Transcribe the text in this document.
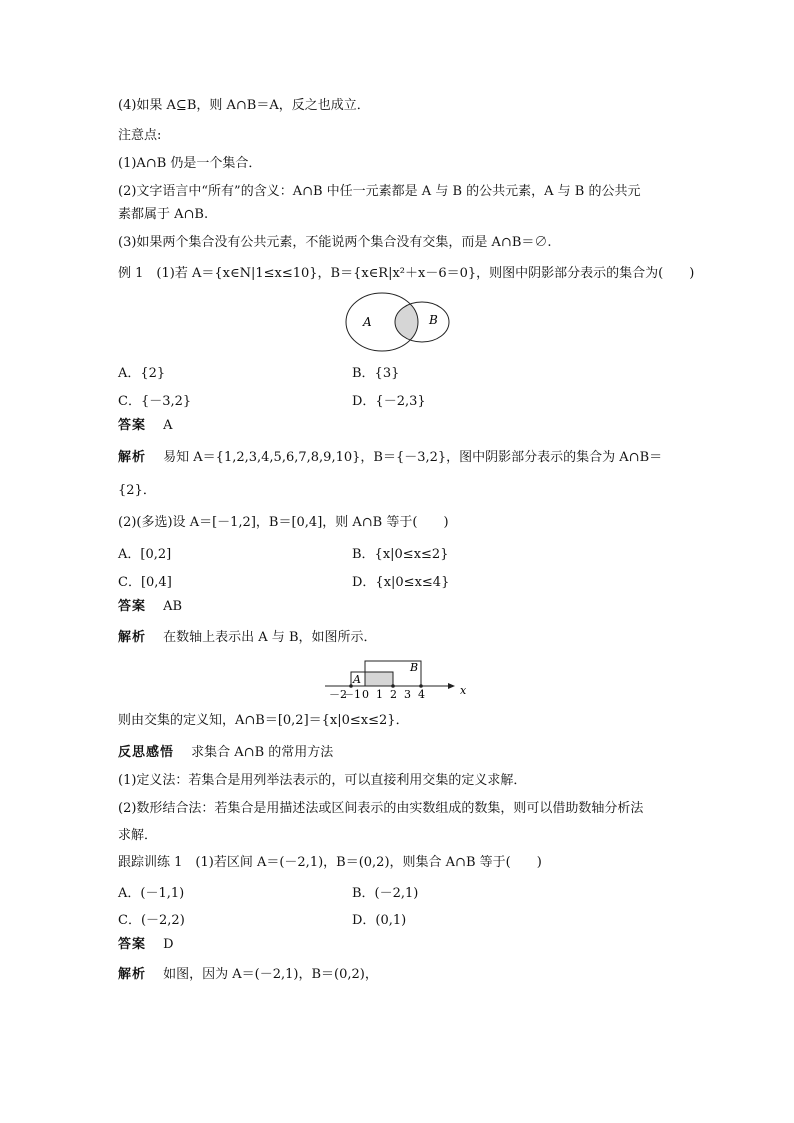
(4)如果 A⊆B，则 A∩B＝A，反之也成立．
注意点:
(1)A∩B 仍是一个集合．
(2)文字语言中“所有”的含义：A∩B 中任一元素都是 A 与 B 的公共元素，A 与 B 的公共元
素都属于 A∩B.
(3)如果两个集合没有公共元素，不能说两个集合没有交集，而是 A∩B＝∅.
例 1　(1)若 A＝{x∈N|1≤x≤10}，B＝{x∈R|x²＋x－6＝0}，则图中阴影部分表示的集合为(　　)
A	B
A．{2}	B．{3}
C．{－3,2}	D．{－2,3}
答案　 A
解析　 易知 A＝{1,2,3,4,5,6,7,8,9,10}，B＝{－3,2}，图中阴影部分表示的集合为 A∩B＝
{2}．
(2)(多选)设 A＝[－1,2]，B＝[0,4]，则 A∩B 等于(　　)
A．[0,2]	B．{x|0≤x≤2}
C．[0,4]	D．{x|0≤x≤4}
答案　 AB
解析　 在数轴上表示出 A 与 B，如图所示．
A
B
－2
－1 0 1 2 3 4	x
则由交集的定义知，A∩B＝[0,2]＝{x|0≤x≤2}．
反思感悟　 求集合 A∩B 的常用方法
(1)定义法：若集合是用列举法表示的，可以直接利用交集的定义求解．
(2)数形结合法：若集合是用描述法或区间表示的由实数组成的数集，则可以借助数轴分析法
求解．
跟踪训练 1　(1)若区间 A＝(－2,1)，B＝(0,2)，则集合 A∩B 等于(　　)
A．(－1,1)	B．(－2,1)
C．(－2,2)	D．(0,1)
答案　 D
解析　 如图，因为 A＝(－2,1)，B＝(0,2)，
